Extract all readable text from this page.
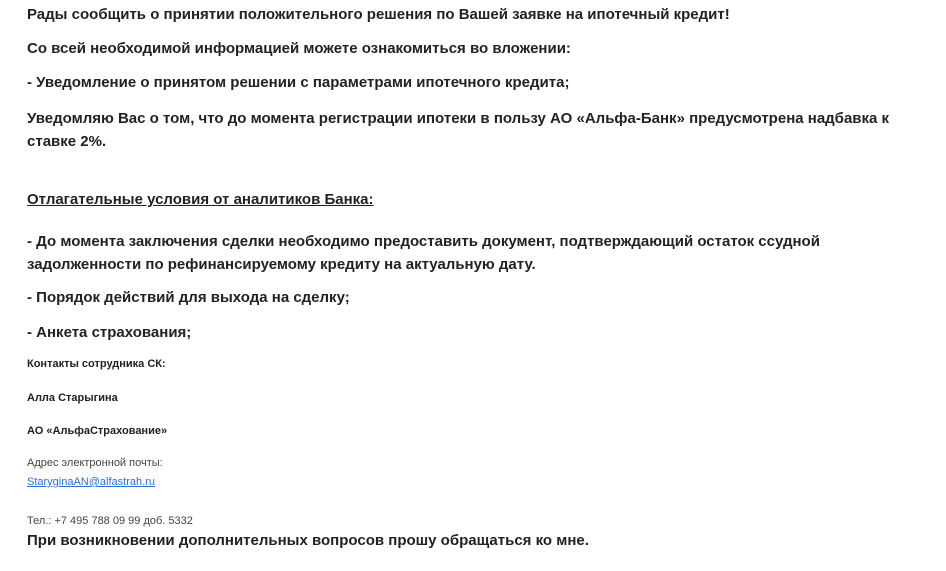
Рады сообщить о принятии положительного решения по Вашей заявке на ипотечный кредит!

Со всей необходимой информацией можете ознакомиться во вложении:

- Уведомление о принятом решении с параметрами ипотечного кредита;

Уведомляю Вас о том, что до момента регистрации ипотеки в пользу АО «Альфа-Банк» предусмотрена надбавка к ставке 2%.

Отлагательные условия от аналитиков Банка:

- До момента заключения сделки необходимо предоставить документ, подтверждающий остаток ссудной задолженности по рефинансируемому кредиту на актуальную дату.

- Порядок действий для выхода на сделку;

- Анкета страхования;

Контакты сотрудника СК:

Алла Старыгина

АО «АльфаСтрахование»

Адрес электронной почты:

StaryginaAN@alfastrah.ru

Тел.: +7 495 788 09 99 доб. 5332

При возникновении дополнительных вопросов прошу обращаться ко мне.
